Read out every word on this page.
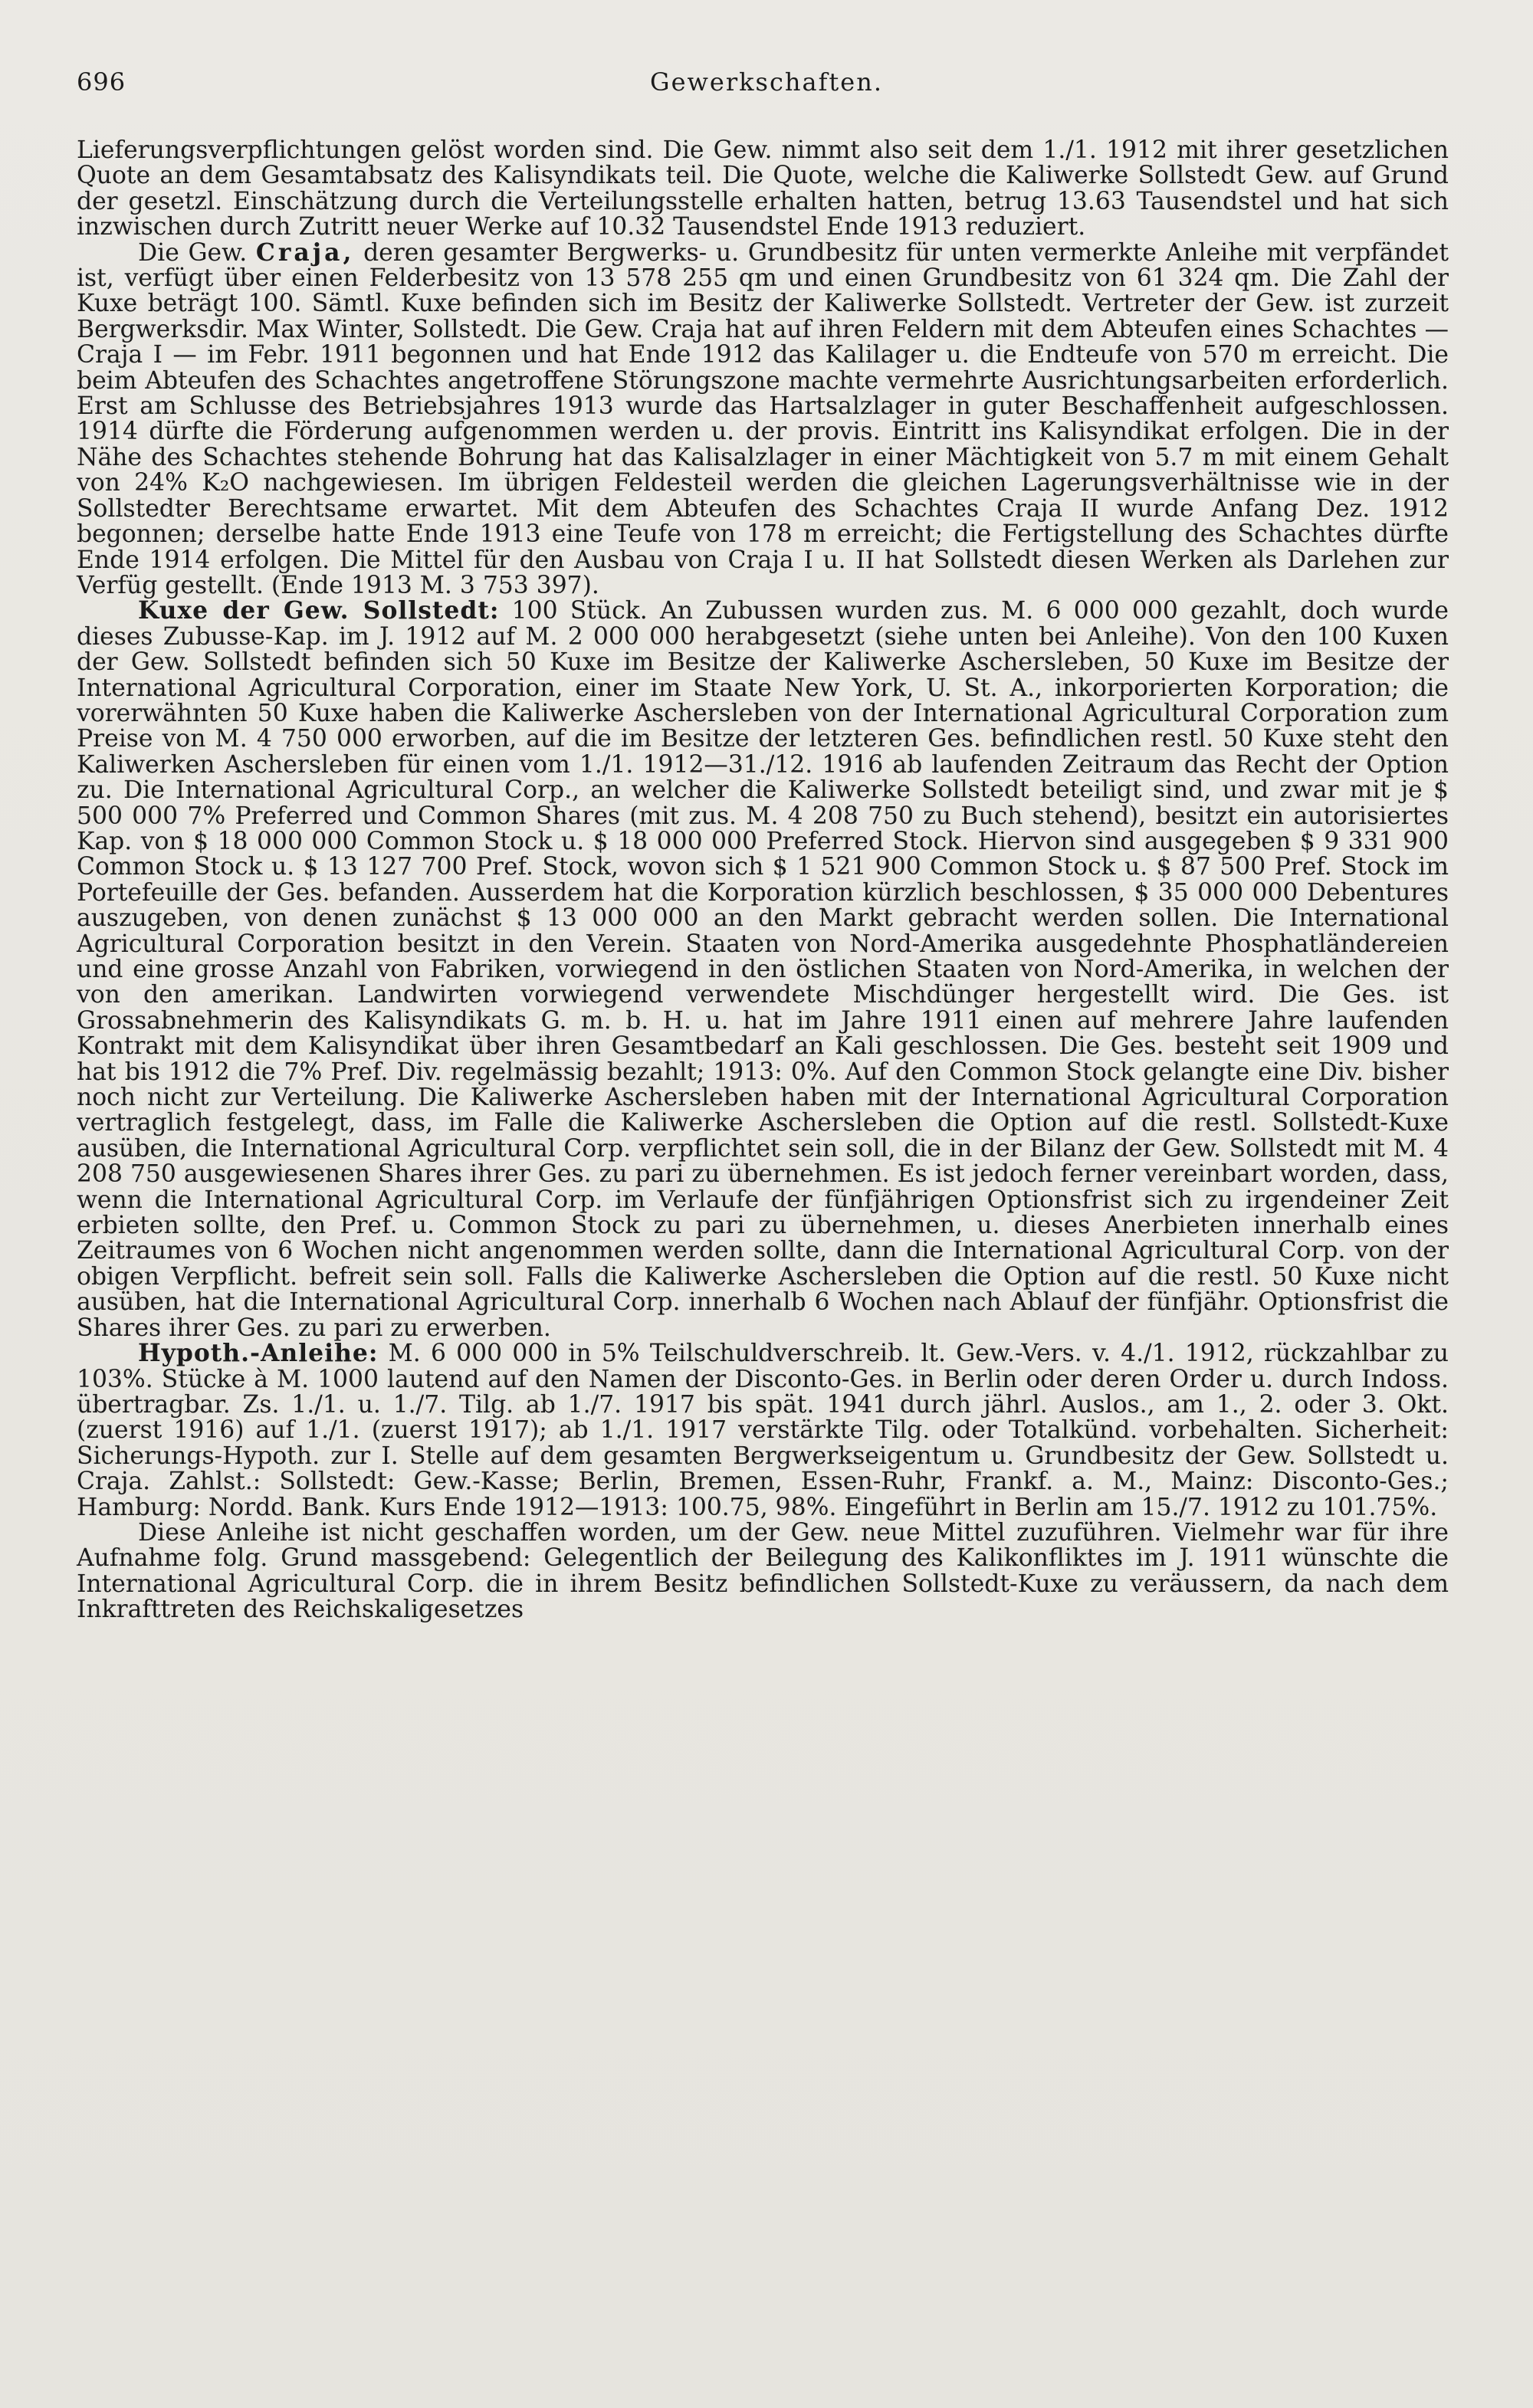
696	Gewerkschaften.

Lieferungsverpflichtungen gelöst worden sind. Die Gew. nimmt also seit dem 1./1. 1912 mit ihrer gesetzlichen Quote an dem Gesamtabsatz des Kalisyndikats teil. Die Quote, welche die Kaliwerke Sollstedt Gew. auf Grund der gesetzl. Einschätzung durch die Verteilungsstelle erhalten hatten, betrug 13.63 Tausendstel und hat sich inzwischen durch Zutritt neuer Werke auf 10.32 Tausendstel Ende 1913 reduziert.

Die Gew. Craja, deren gesamter Bergwerks- u. Grundbesitz für unten vermerkte Anleihe mit verpfändet ist, verfügt über einen Felderbesitz von 13 578 255 qm und einen Grundbesitz von 61 324 qm. Die Zahl der Kuxe beträgt 100. Sämtl. Kuxe befinden sich im Besitz der Kaliwerke Sollstedt. Vertreter der Gew. ist zurzeit Bergwerksdir. Max Winter, Sollstedt. Die Gew. Craja hat auf ihren Feldern mit dem Abteufen eines Schachtes — Craja I — im Febr. 1911 begonnen und hat Ende 1912 das Kalilager u. die Endteufe von 570 m erreicht. Die beim Abteufen des Schachtes angetroffene Störungszone machte vermehrte Ausrichtungsarbeiten erforderlich. Erst am Schlusse des Betriebsjahres 1913 wurde das Hartsalzlager in guter Beschaffenheit aufgeschlossen. 1914 dürfte die Förderung aufgenommen werden u. der provis. Eintritt ins Kalisyndikat erfolgen. Die in der Nähe des Schachtes stehende Bohrung hat das Kalisalzlager in einer Mächtigkeit von 5.7 m mit einem Gehalt von 24% K₂O nachgewiesen. Im übrigen Feldesteil werden die gleichen Lagerungsverhältnisse wie in der Sollstedter Berechtsame erwartet. Mit dem Abteufen des Schachtes Craja II wurde Anfang Dez. 1912 begonnen; derselbe hatte Ende 1913 eine Teufe von 178 m erreicht; die Fertigstellung des Schachtes dürfte Ende 1914 erfolgen. Die Mittel für den Ausbau von Craja I u. II hat Sollstedt diesen Werken als Darlehen zur Verfüg gestellt. (Ende 1913 M. 3 753 397).

Kuxe der Gew. Sollstedt: 100 Stück. An Zubussen wurden zus. M. 6 000 000 gezahlt, doch wurde dieses Zubusse-Kap. im J. 1912 auf M. 2 000 000 herabgesetzt (siehe unten bei Anleihe). Von den 100 Kuxen der Gew. Sollstedt befinden sich 50 Kuxe im Besitze der Kaliwerke Aschersleben, 50 Kuxe im Besitze der International Agricultural Corporation, einer im Staate New York, U. St. A., inkorporierten Korporation; die vorerwähnten 50 Kuxe haben die Kaliwerke Aschersleben von der International Agricultural Corporation zum Preise von M. 4 750 000 erworben, auf die im Besitze der letzteren Ges. befindlichen restl. 50 Kuxe steht den Kaliwerken Aschersleben für einen vom 1./1. 1912—31./12. 1916 ab laufenden Zeitraum das Recht der Option zu. Die International Agricultural Corp., an welcher die Kaliwerke Sollstedt beteiligt sind, und zwar mit je $ 500 000 7% Preferred und Common Shares (mit zus. M. 4 208 750 zu Buch stehend), besitzt ein autorisiertes Kap. von $ 18 000 000 Common Stock u. $ 18 000 000 Preferred Stock. Hiervon sind ausgegeben $ 9 331 900 Common Stock u. $ 13 127 700 Pref. Stock, wovon sich $ 1 521 900 Common Stock u. $ 87 500 Pref. Stock im Portefeuille der Ges. befanden. Ausserdem hat die Korporation kürzlich beschlossen, $ 35 000 000 Debentures auszugeben, von denen zunächst $ 13 000 000 an den Markt gebracht werden sollen. Die International Agricultural Corporation besitzt in den Verein. Staaten von Nord-Amerika ausgedehnte Phosphatländereien und eine grosse Anzahl von Fabriken, vorwiegend in den östlichen Staaten von Nord-Amerika, in welchen der von den amerikan. Landwirten vorwiegend verwendete Mischdünger hergestellt wird. Die Ges. ist Grossabnehmerin des Kalisyndikats G. m. b. H. u. hat im Jahre 1911 einen auf mehrere Jahre laufenden Kontrakt mit dem Kalisyndikat über ihren Gesamtbedarf an Kali geschlossen. Die Ges. besteht seit 1909 und hat bis 1912 die 7% Pref. Div. regelmässig bezahlt; 1913: 0%. Auf den Common Stock gelangte eine Div. bisher noch nicht zur Verteilung. Die Kaliwerke Aschersleben haben mit der International Agricultural Corporation vertraglich festgelegt, dass, im Falle die Kaliwerke Aschersleben die Option auf die restl. Sollstedt-Kuxe ausüben, die International Agricultural Corp. verpflichtet sein soll, die in der Bilanz der Gew. Sollstedt mit M. 4 208 750 ausgewiesenen Shares ihrer Ges. zu pari zu übernehmen. Es ist jedoch ferner vereinbart worden, dass, wenn die International Agricultural Corp. im Verlaufe der fünfjährigen Optionsfrist sich zu irgendeiner Zeit erbieten sollte, den Pref. u. Common Stock zu pari zu übernehmen, u. dieses Anerbieten innerhalb eines Zeitraumes von 6 Wochen nicht angenommen werden sollte, dann die International Agricultural Corp. von der obigen Verpflicht. befreit sein soll. Falls die Kaliwerke Aschersleben die Option auf die restl. 50 Kuxe nicht ausüben, hat die International Agricultural Corp. innerhalb 6 Wochen nach Ablauf der fünfjähr. Optionsfrist die Shares ihrer Ges. zu pari zu erwerben.

Hypoth.-Anleihe: M. 6 000 000 in 5% Teilschuldverschreib. lt. Gew.-Vers. v. 4./1. 1912, rückzahlbar zu 103%. Stücke à M. 1000 lautend auf den Namen der Disconto-Ges. in Berlin oder deren Order u. durch Indoss. übertragbar. Zs. 1./1. u. 1./7. Tilg. ab 1./7. 1917 bis spät. 1941 durch jährl. Auslos., am 1., 2. oder 3. Okt. (zuerst 1916) auf 1./1. (zuerst 1917); ab 1./1. 1917 verstärkte Tilg. oder Totalkünd. vorbehalten. Sicherheit: Sicherungs-Hypoth. zur I. Stelle auf dem gesamten Bergwerkseigentum u. Grundbesitz der Gew. Sollstedt u. Craja. Zahlst.: Sollstedt: Gew.-Kasse; Berlin, Bremen, Essen-Ruhr, Frankf. a. M., Mainz: Disconto-Ges.; Hamburg: Nordd. Bank. Kurs Ende 1912—1913: 100.75, 98%. Eingeführt in Berlin am 15./7. 1912 zu 101.75%.

Diese Anleihe ist nicht geschaffen worden, um der Gew. neue Mittel zuzuführen. Vielmehr war für ihre Aufnahme folg. Grund massgebend: Gelegentlich der Beilegung des Kalikonfliktes im J. 1911 wünschte die International Agricultural Corp. die in ihrem Besitz befindlichen Sollstedt-Kuxe zu veräussern, da nach dem Inkrafttreten des Reichskaligesetzes
